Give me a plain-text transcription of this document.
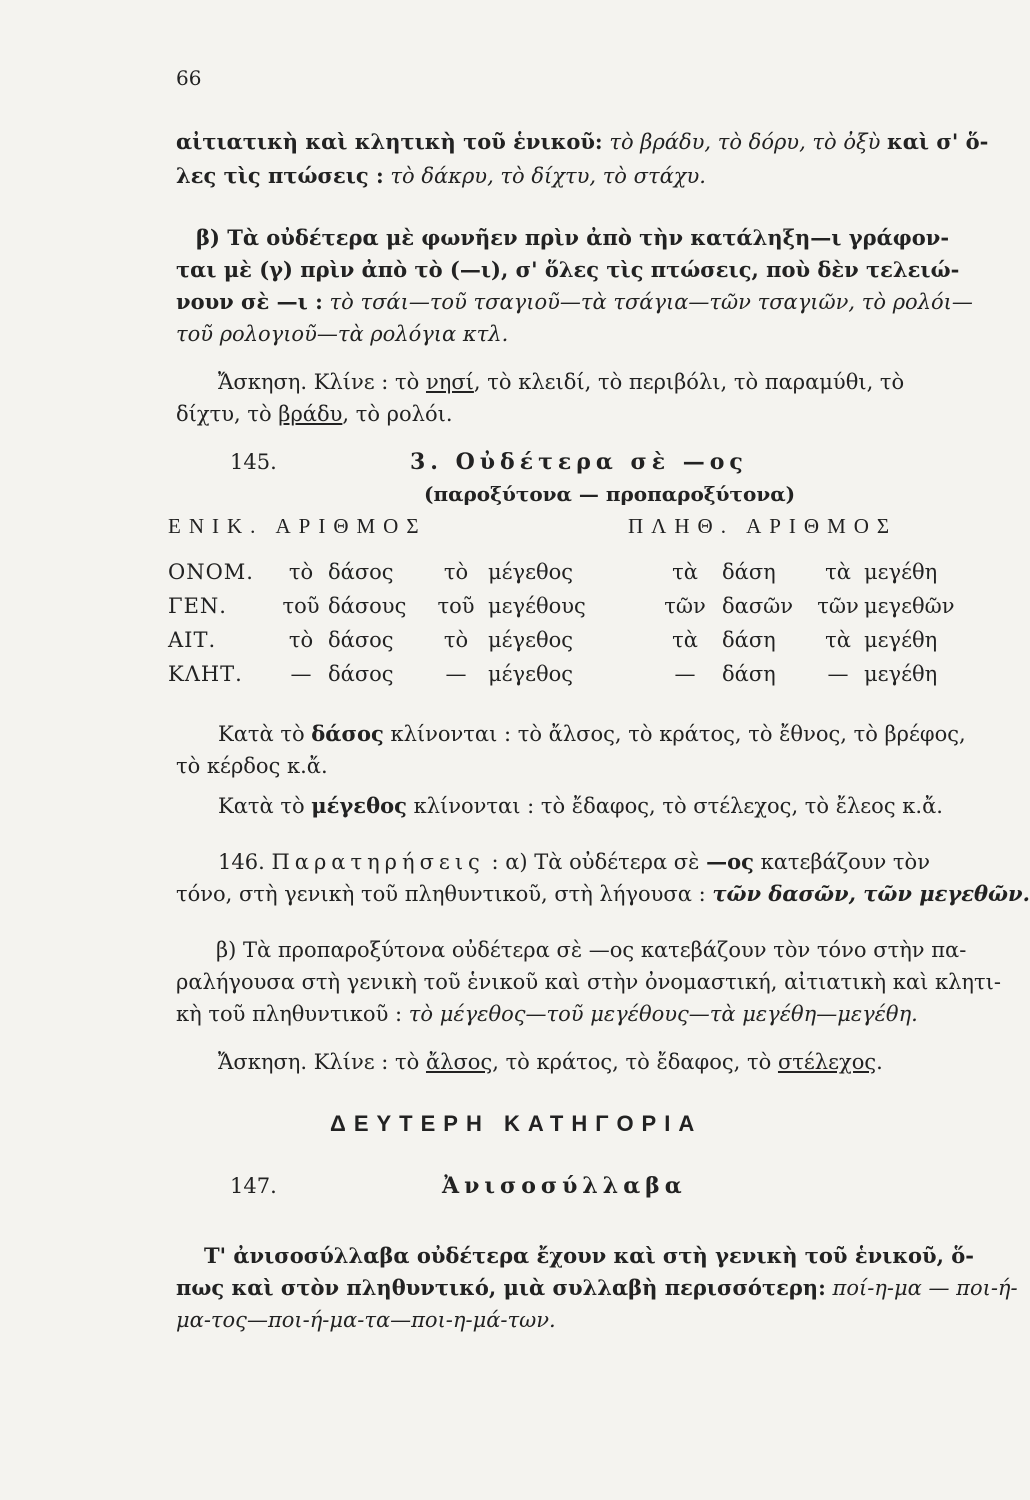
66
αἰτιατικὴ καὶ κλητικὴ τοῦ ἑνικοῦ: τὸ βράδυ, τὸ δόρυ, τὸ ὀξὺ καὶ σ' ὅ-
λες τὶς πτώσεις : τὸ δάκρυ, τὸ δίχτυ, τὸ στάχυ.
β) Τὰ οὐδέτερα μὲ φωνῆεν πρὶν ἀπὸ τὴν κατάληξη—ι γράφον-
ται μὲ (γ) πρὶν ἀπὸ τὸ (—ι), σ' ὅλες τὶς πτώσεις, ποὺ δὲν τελειώ-
νουν σὲ —ι : τὸ τσάι—τοῦ τσαγιοῦ—τὰ τσάγια—τῶν τσαγιῶν, τὸ ρολόι—
τοῦ ρολογιοῦ—τὰ ρολόγια κτλ.
Ἄσκηση. Κλίνε : τὸ νησί, τὸ κλειδί, τὸ περιβόλι, τὸ παραμύθι, τὸ
δίχτυ, τὸ βράδυ, τὸ ρολόι.
145.	3. Οὐδέτερα σὲ —ος
(παροξύτονα — προπαροξύτονα)
ΕΝΙΚ. ΑΡΙΘΜΟΣ	ΠΛΗΘ. ΑΡΙΘΜΟΣ
ΟΝΟΜ.	τὸ	δάσος	τὸ	μέγεθος	τὰ	δάση	τὰ	μεγέθη
ΓΕΝ.	τοῦ	δάσους	τοῦ	μεγέθους	τῶν	δασῶν	τῶν	μεγεθῶν
ΑΙΤ.	τὸ	δάσος	τὸ	μέγεθος	τὰ	δάση	τὰ	μεγέθη
ΚΛΗΤ.	—	δάσος	—	μέγεθος	—	δάση	—	μεγέθη
Κατὰ τὸ δάσος κλίνονται : τὸ ἄλσος, τὸ κράτος, τὸ ἔθνος, τὸ βρέφος,
τὸ κέρδος κ.ἄ.
Κατὰ τὸ μέγεθος κλίνονται : τὸ ἔδαφος, τὸ στέλεχος, τὸ ἔλεος κ.ἄ.
146. Παρατηρήσεις : α) Τὰ οὐδέτερα σὲ —ος κατεβάζουν τὸν
τόνο, στὴ γενικὴ τοῦ πληθυντικοῦ, στὴ λήγουσα : τῶν δασῶν, τῶν μεγεθῶν.
β) Τὰ προπαροξύτονα οὐδέτερα σὲ —ος κατεβάζουν τὸν τόνο στὴν πα-
ραλήγουσα στὴ γενικὴ τοῦ ἑνικοῦ καὶ στὴν ὀνομαστική, αἰτιατικὴ καὶ κλητι-
κὴ τοῦ πληθυντικοῦ : τὸ μέγεθος—τοῦ μεγέθους—τὰ μεγέθη—μεγέθη.
Ἄσκηση. Κλίνε : τὸ ἄλσος, τὸ κράτος, τὸ ἔδαφος, τὸ στέλεχος.
ΔΕΥΤΕΡΗ ΚΑΤΗΓΟΡΙΑ
147.	Ἀνισοσύλλαβα
Τ' ἀνισοσύλλαβα οὐδέτερα ἔχουν καὶ στὴ γενικὴ τοῦ ἑνικοῦ, ὅ-
πως καὶ στὸν πληθυντικό, μιὰ συλλαβὴ περισσότερη: ποί-η-μα — ποι-ή-
μα-τος—ποι-ή-μα-τα—ποι-η-μά-των.
